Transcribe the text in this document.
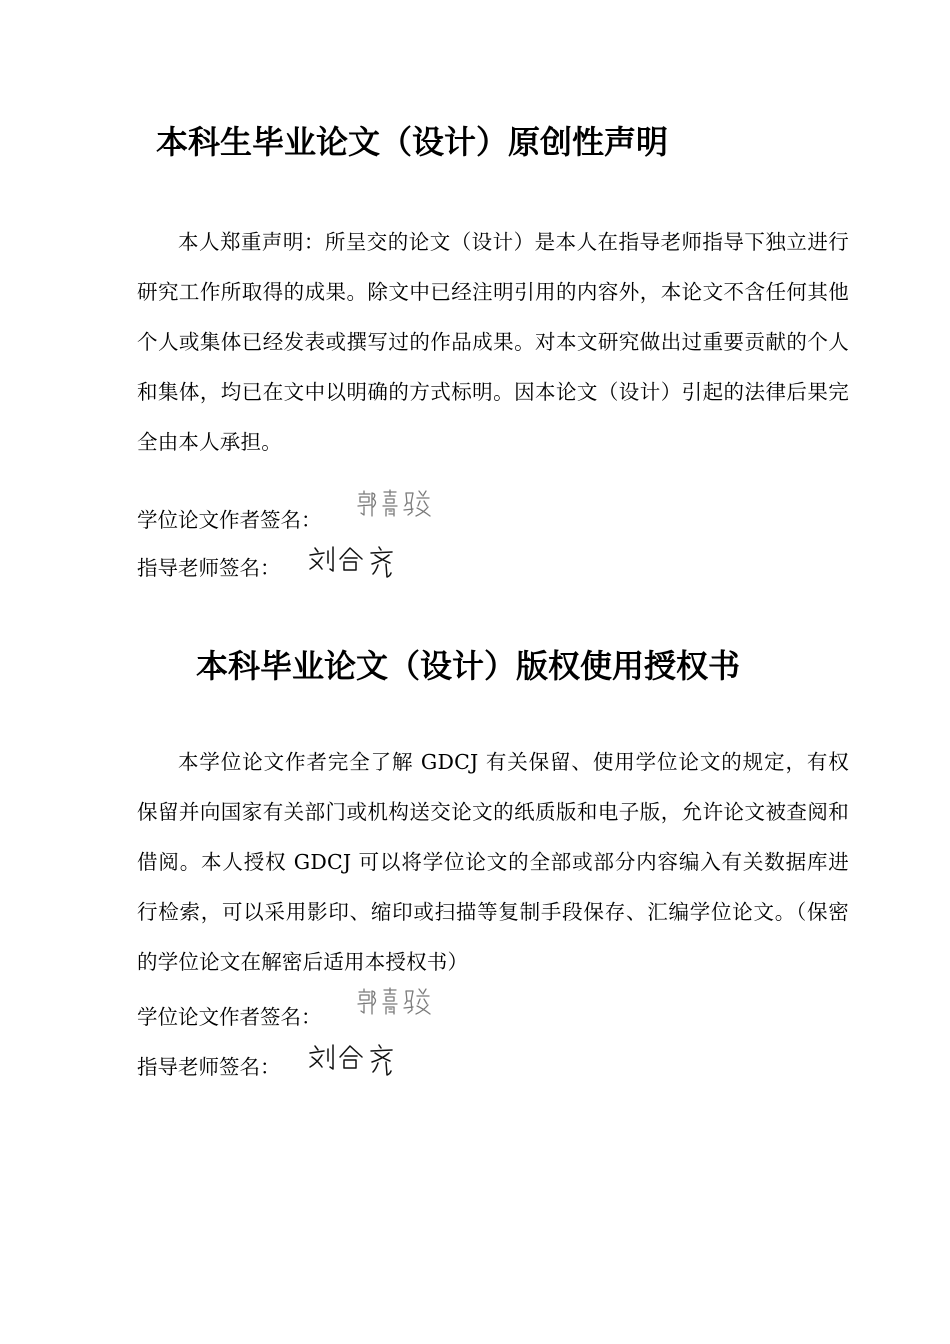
本科生毕业论文（设计）原创性声明

本人郑重声明：所呈交的论文（设计）是本人在指导老师指导下独立进行研究工作所取得的成果。除文中已经注明引用的内容外，本论文不含任何其他个人或集体已经发表或撰写过的作品成果。对本文研究做出过重要贡献的个人和集体，均已在文中以明确的方式标明。因本论文（设计）引起的法律后果完全由本人承担。

学位论文作者签名：
指导老师签名：
本科毕业论文（设计）版权使用授权书

本学位论文作者完全了解 GDCJ 有关保留、使用学位论文的规定，有权保留并向国家有关部门或机构送交论文的纸质版和电子版，允许论文被查阅和借阅。本人授权 GDCJ 可以将学位论文的全部或部分内容编入有关数据库进行检索，可以采用影印、缩印或扫描等复制手段保存、汇编学位论文。（保密的学位论文在解密后适用本授权书）

学位论文作者签名：
指导老师签名：
